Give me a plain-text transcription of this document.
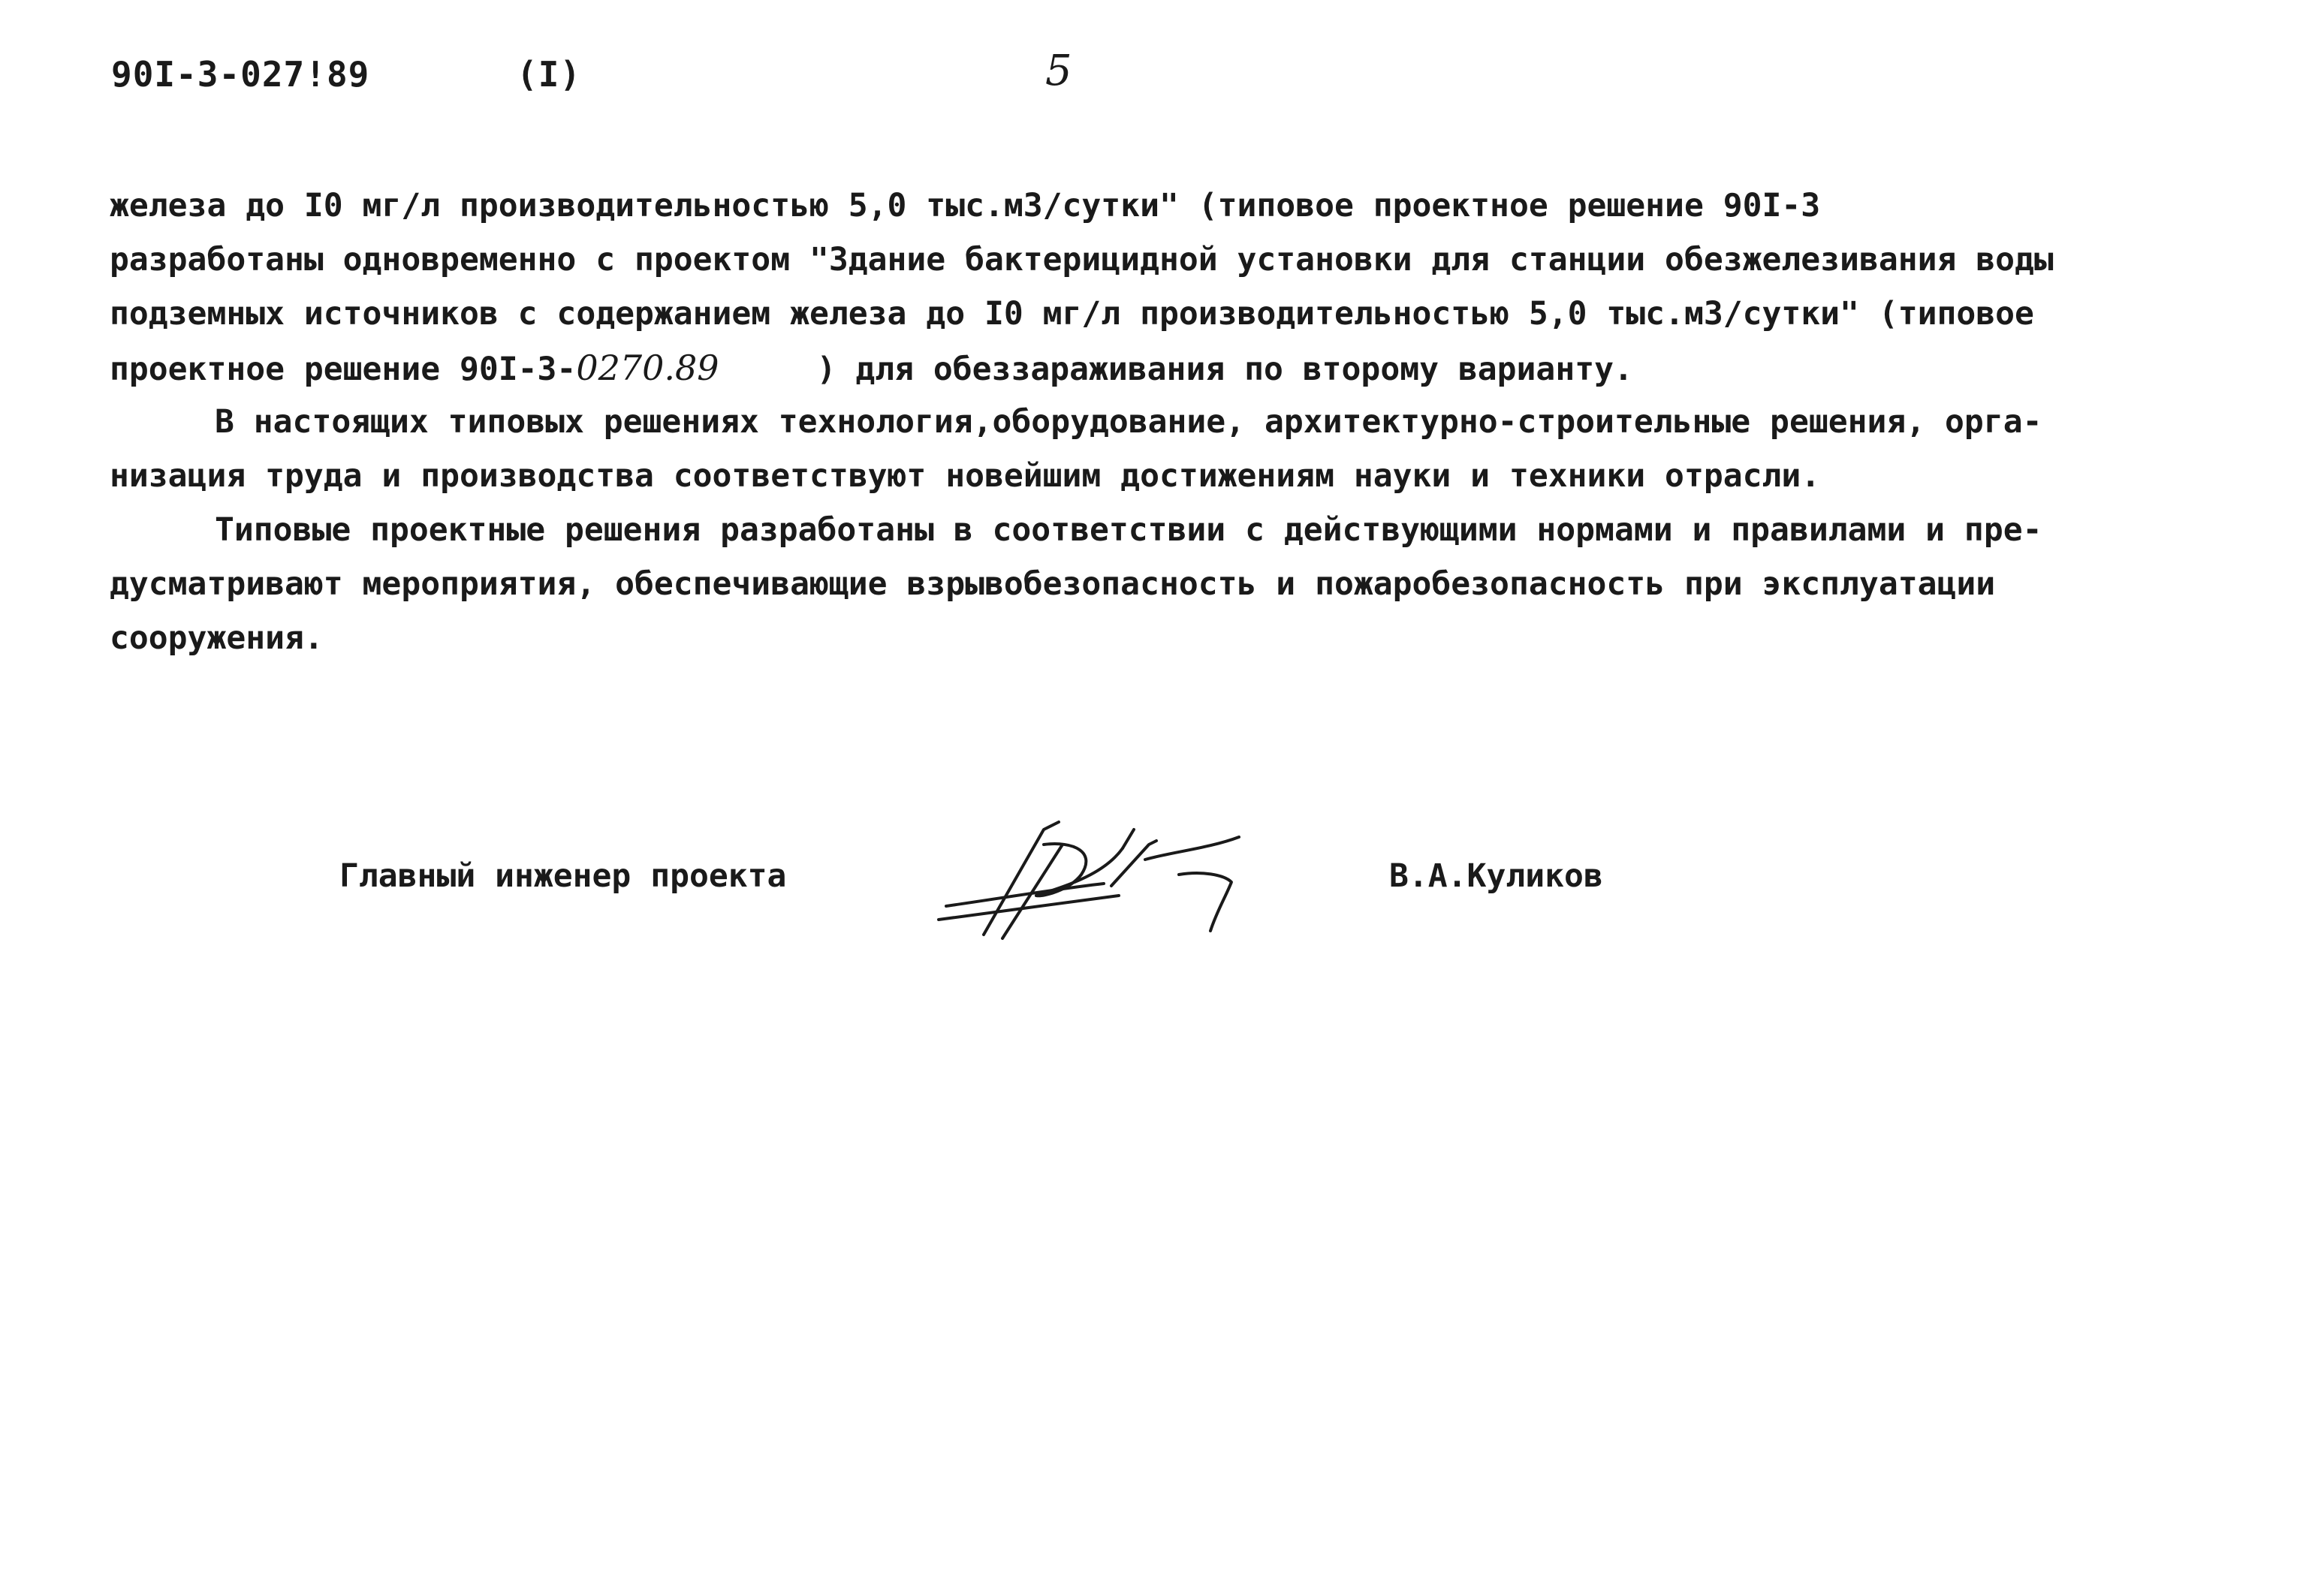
90I-3-027!89	(I)	5
железа до I0 мг/л производительностью 5,0 тыс.м3/сутки" (типовое проектное решение 90I-3
разработаны одновременно с проектом "Здание бактерицидной установки для станции обезжелезивания воды
подземных источников с содержанием железа до I0 мг/л производительностью 5,0 тыс.м3/сутки" (типовое
проектное решение 90I-3-0270.89	) для обеззараживания по второму варианту.
В настоящих типовых решениях технология,оборудование, архитектурно-строительные решения, орга-
низация труда и производства соответствуют новейшим достижениям науки и техники отрасли.
Типовые проектные решения разработаны в соответствии с действующими нормами и правилами и пре-
дусматривают мероприятия, обеспечивающие взрывобезопасность и пожаробезопасность при эксплуатации
сооружения.
Главный инженер проекта	В.А.Куликов
